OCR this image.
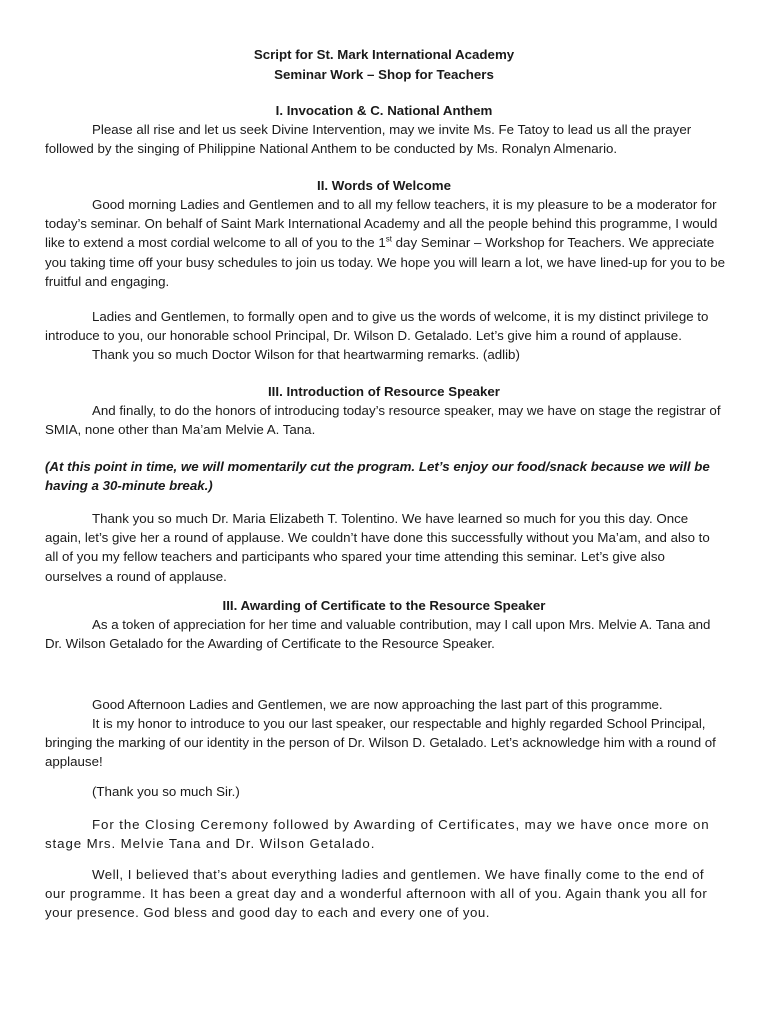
Script for St. Mark International Academy
Seminar Work – Shop for Teachers
I. Invocation & C. National Anthem

Please all rise and let us seek Divine Intervention, may we invite Ms. Fe Tatoy to lead us all the prayer followed by the singing of Philippine National Anthem to be conducted by Ms. Ronalyn Almenario.

II. Words of Welcome

Good morning Ladies and Gentlemen and to all my fellow teachers, it is my pleasure to be a moderator for today’s seminar. On behalf of Saint Mark International Academy and all the people behind this programme, I would like to extend a most cordial welcome to all of you to the 1st day Seminar – Workshop for Teachers. We appreciate you taking time off your busy schedules to join us today. We hope you will learn a lot, we have lined-up for you to be fruitful and engaging.

Ladies and Gentlemen, to formally open and to give us the words of welcome, it is my distinct privilege to introduce to you, our honorable school Principal, Dr. Wilson D. Getalado. Let’s give him a round of applause.

Thank you so much Doctor Wilson for that heartwarming remarks. (adlib)

III. Introduction of Resource Speaker

And finally, to do the honors of introducing today’s resource speaker, may we have on stage the registrar of SMIA, none other than Ma’am Melvie A. Tana.

(At this point in time, we will momentarily cut the program. Let’s enjoy our food/snack because we will be having a 30-minute break.)

Thank you so much Dr. Maria Elizabeth T. Tolentino. We have learned so much for you this day. Once again, let’s give her a round of applause. We couldn’t have done this successfully without you Ma’am, and also to all of you my fellow teachers and participants who spared your time attending this seminar. Let’s give also ourselves a round of applause.

III. Awarding of Certificate to the Resource Speaker

As a token of appreciation for her time and valuable contribution, may I call upon Mrs. Melvie A. Tana and Dr. Wilson Getalado for the Awarding of Certificate to the Resource Speaker.

Good Afternoon Ladies and Gentlemen, we are now approaching the last part of this programme.

It is my honor to introduce to you our last speaker, our respectable and highly regarded School Principal, bringing the marking of our identity in the person of Dr. Wilson D. Getalado. Let’s acknowledge him with a round of applause!

(Thank you so much Sir.)

For the Closing Ceremony followed by Awarding of Certificates, may we have once more on stage Mrs. Melvie Tana and Dr. Wilson Getalado.

Well, I believed that’s about everything ladies and gentlemen. We have finally come to the end of our programme. It has been a great day and a wonderful afternoon with all of you. Again thank you all for your presence. God bless and good day to each and every one of you.
